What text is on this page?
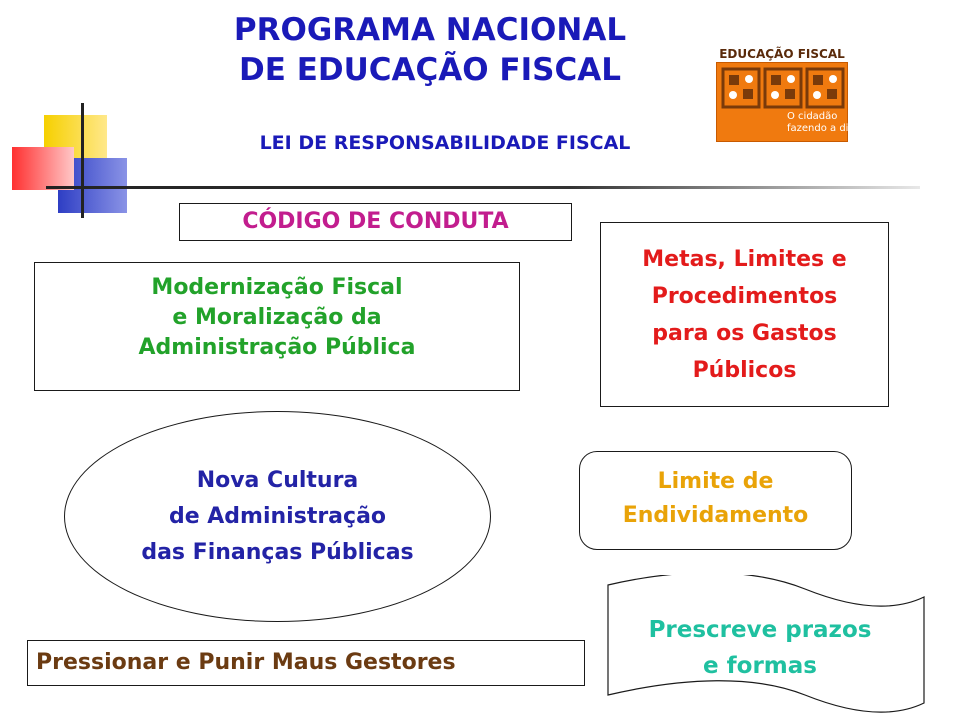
PROGRAMA NACIONAL
DE EDUCAÇÃO FISCAL
LEI DE RESPONSABILIDADE FISCAL
EDUCAÇÃO FISCAL
O cidadão
fazendo a diferença
CÓDIGO DE CONDUTA
Modernização Fiscal
e Moralização da
Administração Pública
Metas, Limites e
Procedimentos
para os Gastos
Públicos
Nova Cultura
de Administração
das Finanças Públicas
Limite de
Endividamento
Prescreve prazos
e formas
Pressionar e Punir Maus Gestores
